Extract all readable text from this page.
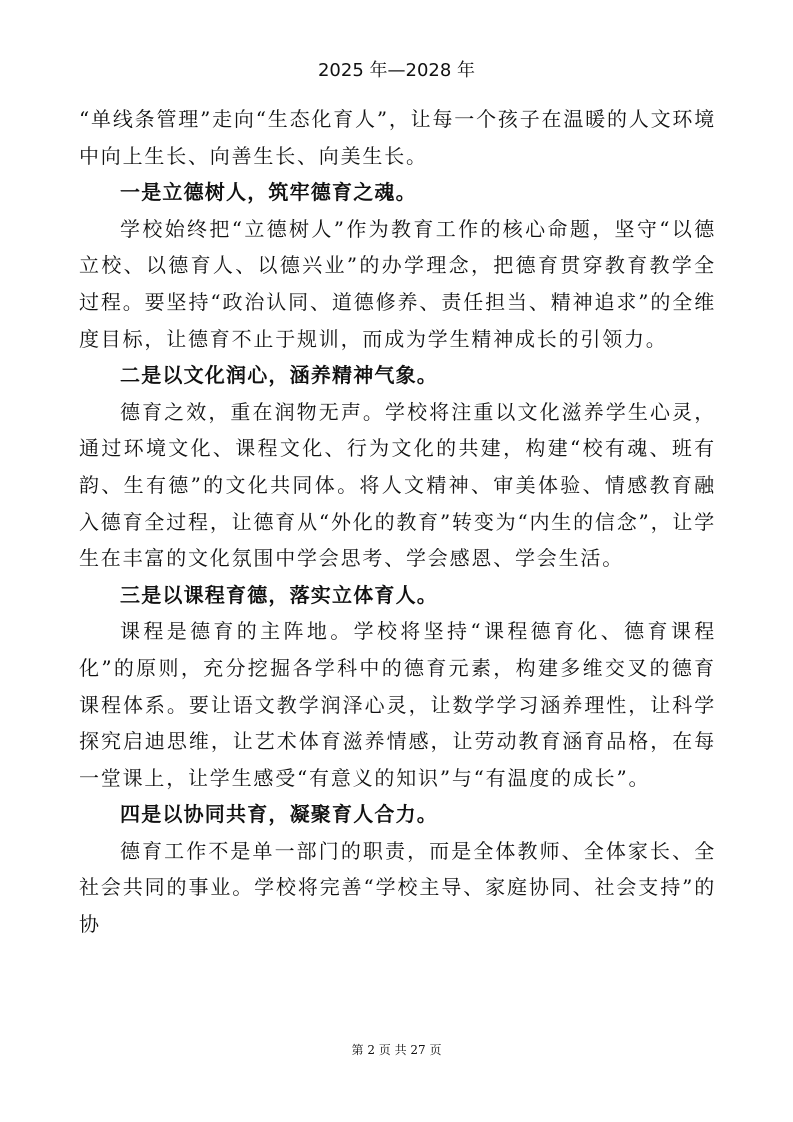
2025 年—2028 年

“单线条管理”走向“生态化育人”，让每一个孩子在温暖的人文环境中向上生长、向善生长、向美生长。

一是立德树人，筑牢德育之魂。

学校始终把“立德树人”作为教育工作的核心命题，坚守“以德立校、以德育人、以德兴业”的办学理念，把德育贯穿教育教学全过程。要坚持“政治认同、道德修养、责任担当、精神追求”的全维度目标，让德育不止于规训，而成为学生精神成长的引领力。

二是以文化润心，涵养精神气象。

德育之效，重在润物无声。学校将注重以文化滋养学生心灵，通过环境文化、课程文化、行为文化的共建，构建“校有魂、班有韵、生有德”的文化共同体。将人文精神、审美体验、情感教育融入德育全过程，让德育从“外化的教育”转变为“内生的信念”，让学生在丰富的文化氛围中学会思考、学会感恩、学会生活。

三是以课程育德，落实立体育人。

课程是德育的主阵地。学校将坚持“课程德育化、德育课程化”的原则，充分挖掘各学科中的德育元素，构建多维交叉的德育课程体系。要让语文教学润泽心灵，让数学学习涵养理性，让科学探究启迪思维，让艺术体育滋养情感，让劳动教育涵育品格，在每一堂课上，让学生感受“有意义的知识”与“有温度的成长”。

四是以协同共育，凝聚育人合力。

德育工作不是单一部门的职责，而是全体教师、全体家长、全社会共同的事业。学校将完善“学校主导、家庭协同、社会支持”的协

第 2 页 共 27 页
